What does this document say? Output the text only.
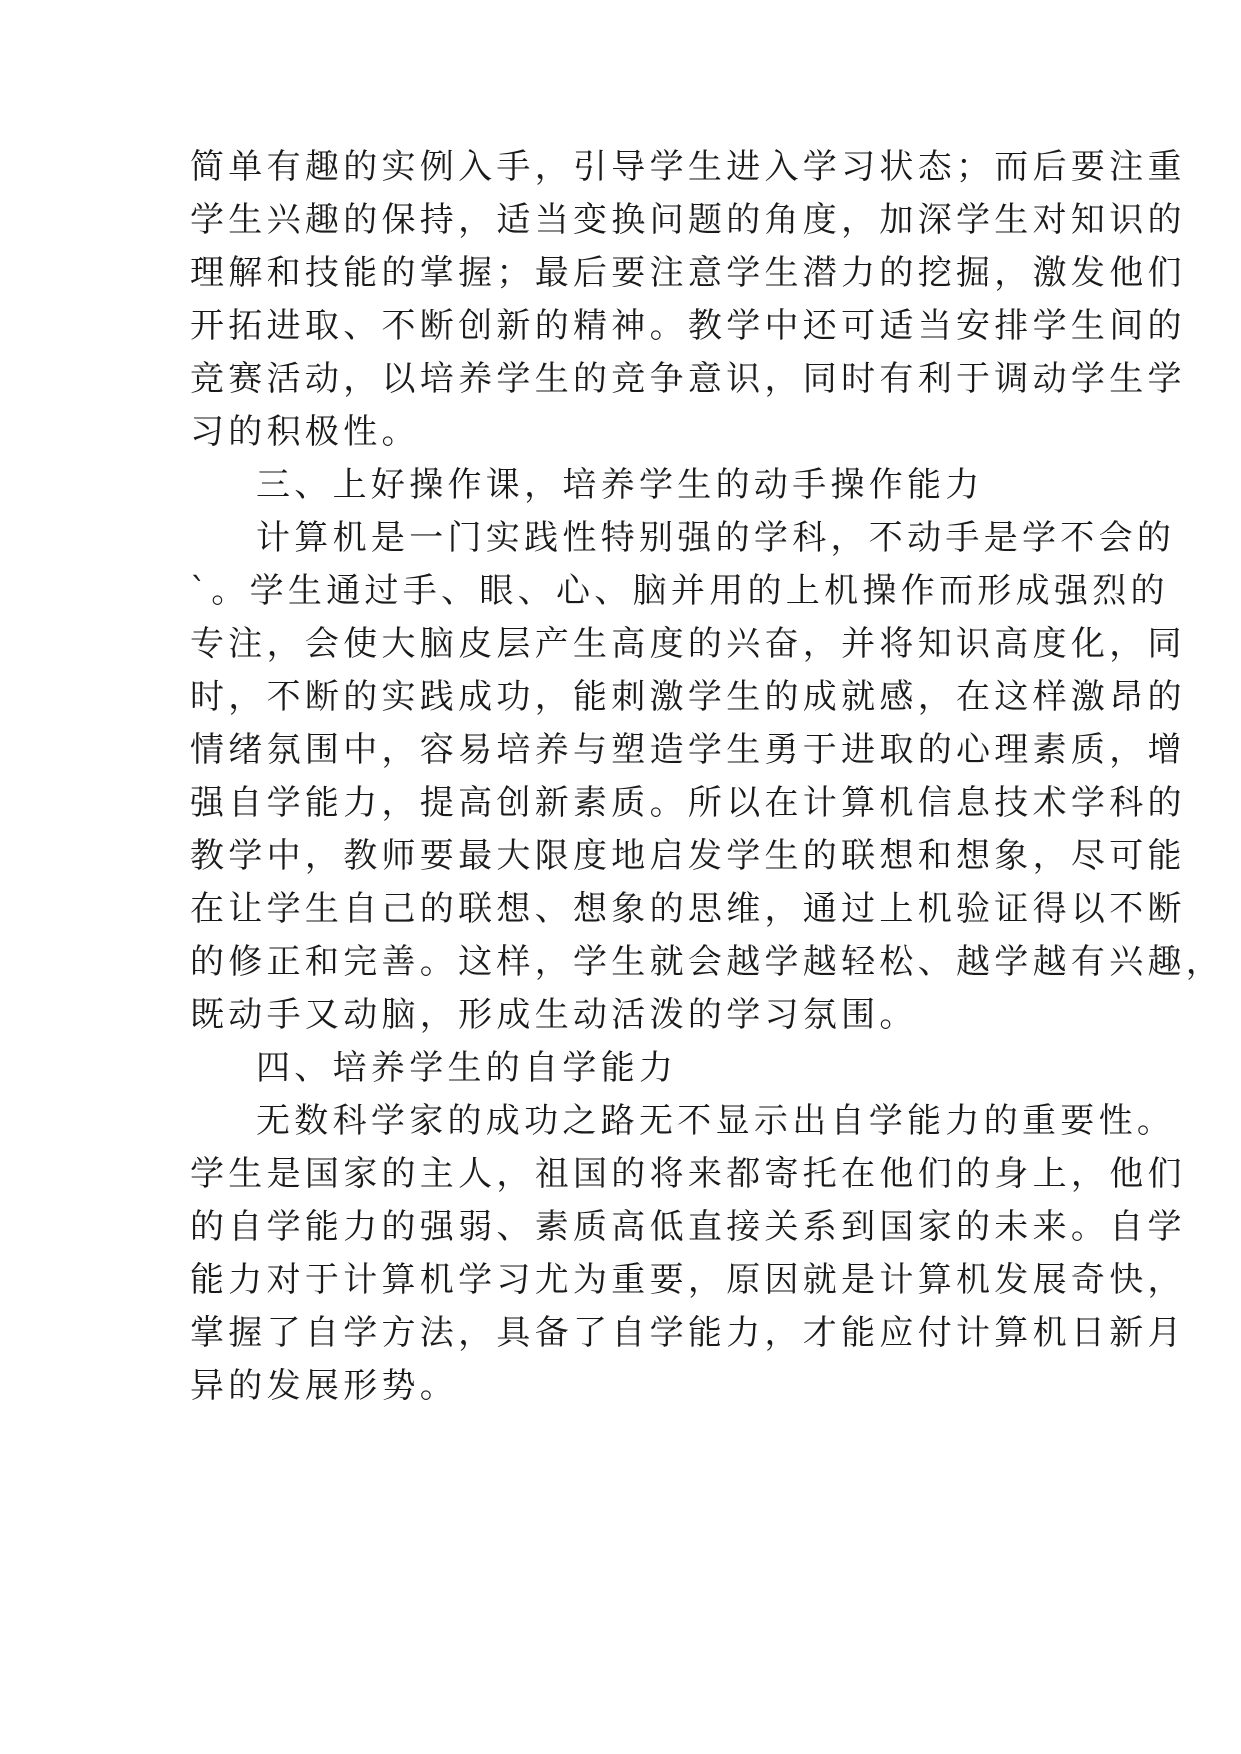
简单有趣的实例入手，引导学生进入学习状态；而后要注重
学生兴趣的保持，适当变换问题的角度，加深学生对知识的
理解和技能的掌握；最后要注意学生潜力的挖掘，激发他们
开拓进取、不断创新的精神。教学中还可适当安排学生间的
竞赛活动，以培养学生的竞争意识，同时有利于调动学生学
习的积极性。
三、上好操作课，培养学生的动手操作能力
计算机是一门实践性特别强的学科，不动手是学不会的
`。学生通过手、眼、心、脑并用的上机操作而形成强烈的
专注，会使大脑皮层产生高度的兴奋，并将知识高度化，同
时，不断的实践成功，能刺激学生的成就感，在这样激昂的
情绪氛围中，容易培养与塑造学生勇于进取的心理素质，增
强自学能力，提高创新素质。所以在计算机信息技术学科的
教学中，教师要最大限度地启发学生的联想和想象，尽可能
在让学生自己的联想、想象的思维，通过上机验证得以不断
的修正和完善。这样，学生就会越学越轻松、越学越有兴趣，
既动手又动脑，形成生动活泼的学习氛围。
四、培养学生的自学能力
无数科学家的成功之路无不显示出自学能力的重要性。
学生是国家的主人，祖国的将来都寄托在他们的身上，他们
的自学能力的强弱、素质高低直接关系到国家的未来。自学
能力对于计算机学习尤为重要，原因就是计算机发展奇快，
掌握了自学方法，具备了自学能力，才能应付计算机日新月
异的发展形势。
